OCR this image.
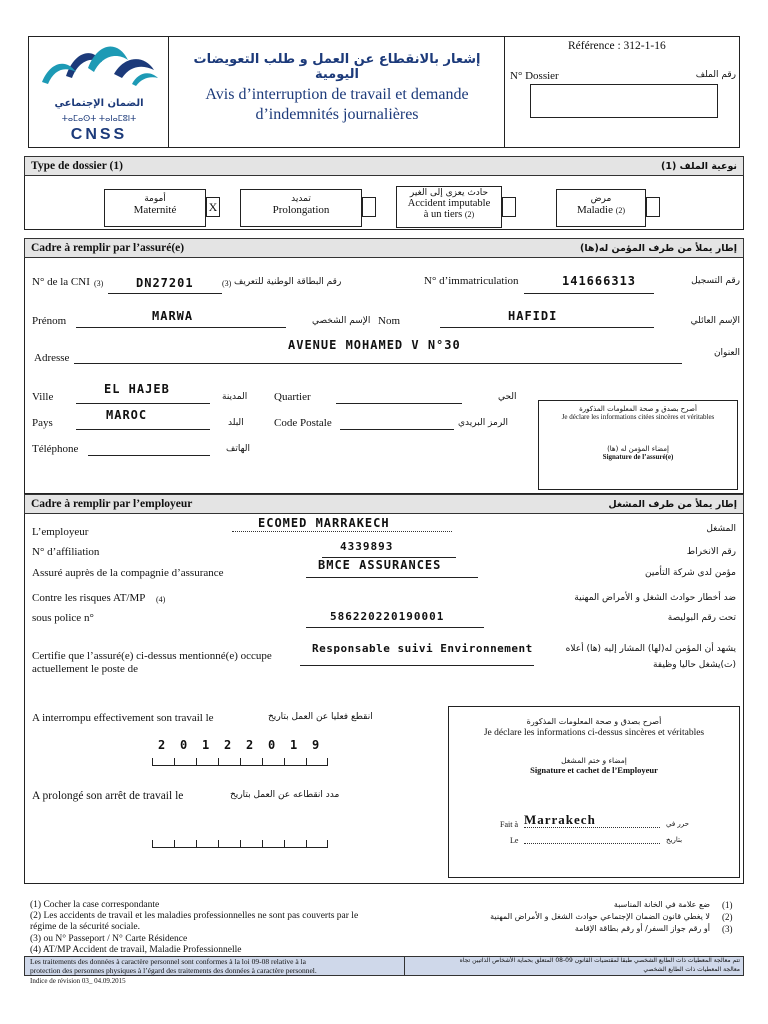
الضمان الإجتماعي
ⵜⴰⵎⴰⵙⵜ ⵜⴰⵏⴰⵎⵓⵏⵜ
CNSS
إشعار بالانقطاع عن العمل و طلب التعويضات اليومية
Avis d’interruption de travail et demande
d’indemnités journalières
Référence : 312-1-16
N° Dossier	رقم الملف
Type de dossier (1)	نوعية الملف (1)
أمومة
Maternité	X
تمديد
Prolongation
حادث يعزى إلى الغير
Accident imputable
à un tiers (2)
مرض
Maladie (2)
Cadre à remplir par l’assuré(e)	إطار يملأ من طرف المؤمن له(ها)
N° de la CNI (3)	DN27201	(3) رقم البطاقة الوطنية للتعريف	N° d’immatriculation	141666313	رقم التسجيل
Prénom	MARWA	الإسم الشخصي Nom	HAFIDI	الإسم العائلي
AVENUE MOHAMED V N°30
Adresse	العنوان
EL HAJEB
Ville	المدينة Quartier	الحي
MAROC
Pays	البلد	Code Postale	الرمز البريدي
Téléphone	الهاتف
أصرح بصدق و صحة المعلومات المذكورة
Je déclare les informations citées sincères et véritables
إمضاء المؤمن له (ها)
Signature de l’assuré(e)
Cadre à remplir par l’employeur	إطار يملأ من طرف المشغل
ECOMED MARRAKECH
L’employeur	المشغل
4339893
N° d’affiliation	رقم الانخراط
BMCE ASSURANCES
Assuré auprès de la compagnie d’assurance	مؤمن لدى شركة التأمين
Contre les risques AT/MP (4)	ضد أخطار حوادث الشغل و الأمراض المهنية
586220220190001
sous police n°	تحت رقم البوليصة
Responsable suivi Environnement
Certifie que l’assuré(e) ci-dessus mentionné(e) occupe
actuellement le poste de
يشهد أن المؤمن له(لها) المشار إليه (ها) أعلاه
(ت)يشغل حاليا وظيفة
A interrompu effectivement son travail le	انقطع فعليا عن العمل بتاريخ
2 0 1 2 2 0 1 9
A prolongé son arrêt de travail le	مدد انقطاعه عن العمل بتاريخ
أصرح بصدق و صحة المعلومات المذكورة
Je déclare les informations ci-dessus sincères et véritables
إمضاء و ختم المشغل
Signature et cachet de l’Employeur
Fait à Marrakech	حرر في
Le	بتاريخ
(1) Cocher la case correspondante
(2) Les accidents de travail et les maladies professionnelles ne sont pas couverts par le
régime de la sécurité sociale.
(3) ou N° Passeport / N° Carte Résidence
(4) AT/MP Accident de travail, Maladie Professionnelle
ضع علامة في الخانة المناسبة
لا يغطي قانون الضمان الإجتماعي حوادث الشغل و الأمراض المهنية
أو رقم جواز السفر/ أو رقم بطاقة الإقامة
(1)
(2)
(3)
Les traitements des données à caractère personnel sont conformes à la loi 09-08 relative à la
protection des personnes physiques à l’égard des traitements des données à caractère personnel.
تتم معالجة المعطيات ذات الطابع الشخصي طبقا لمقتضيات القانون 09-08 المتعلق بحماية الأشخاص الذاتيين تجاه
معالجة المعطيات ذات الطابع الشخصي
Indice de révision 03_ 04.09.2015
